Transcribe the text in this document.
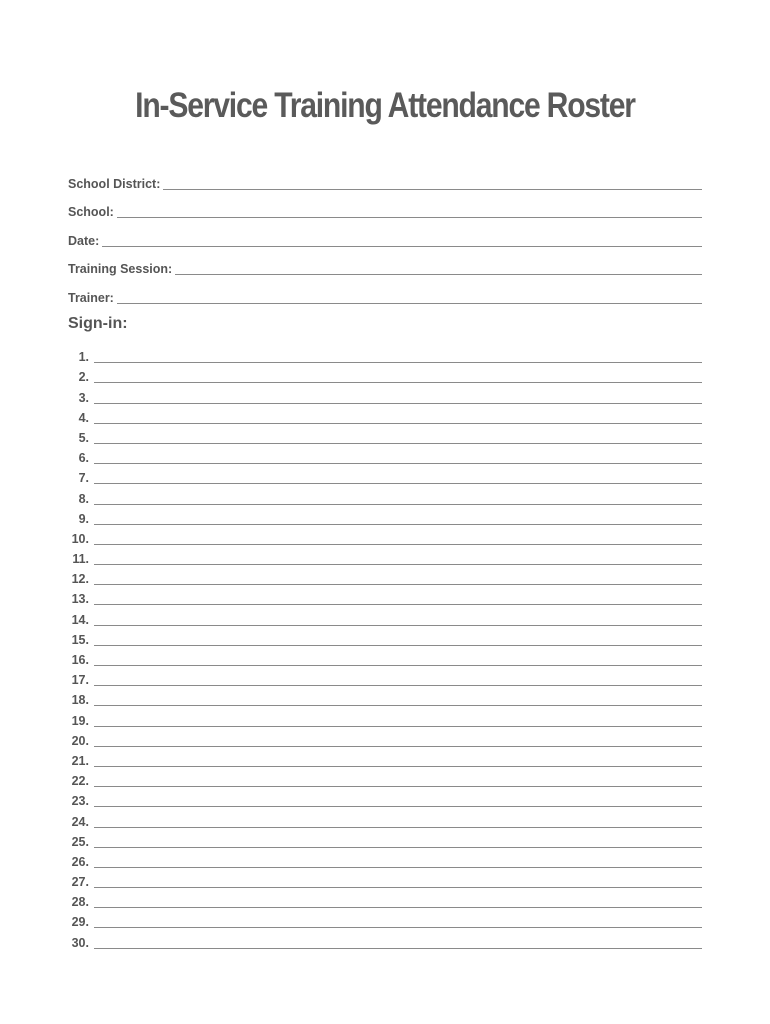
In-Service Training Attendance Roster
School District:
School:
Date:
Training Session:
Trainer:
Sign-in:
1.
2.
3.
4.
5.
6.
7.
8.
9.
10.
11.
12.
13.
14.
15.
16.
17.
18.
19.
20.
21.
22.
23.
24.
25.
26.
27.
28.
29.
30.
